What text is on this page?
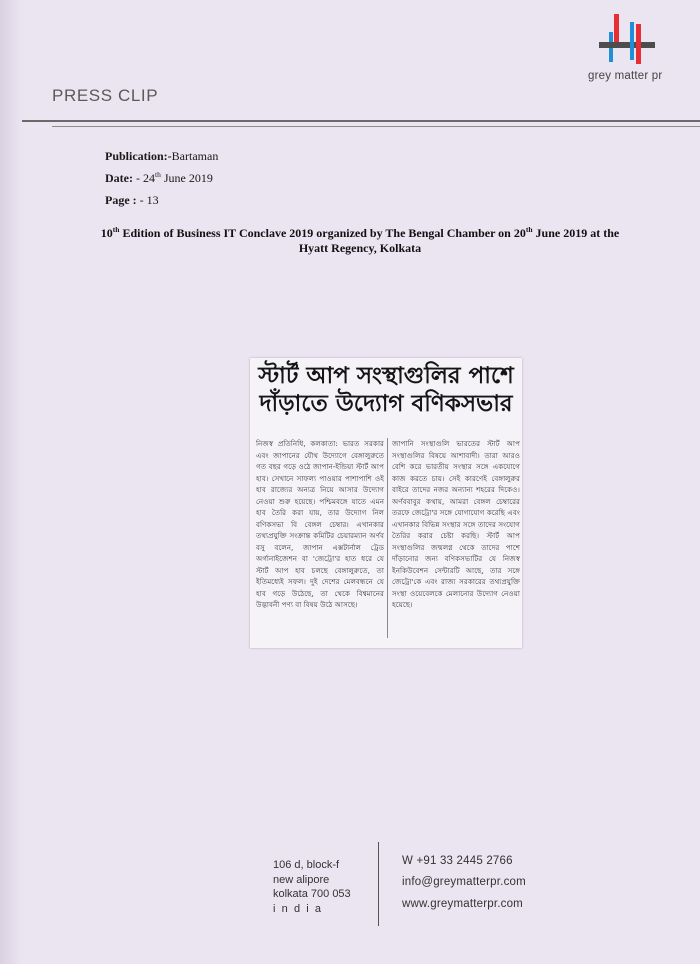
grey matter pr
PRESS CLIP
Publication:-Bartaman
Date: - 24th June 2019
Page : - 13
10th Edition of Business IT Conclave 2019 organized by The Bengal Chamber on 20th June 2019 at the Hyatt Regency, Kolkata
স্টার্ট আপ সংস্থাগুলির পাশে দাঁড়াতে উদ্যোগ বণিকসভার
নিজস্ব প্রতিনিধি, কলকাতা: ভারত সরকার এবং জাপানের যৌথ উদ্যোগে বেঙ্গালুরুতে গত বছর গড়ে ওঠে জাপান-ইন্ডিয়া স্টার্ট আপ হাব। সেখানে সাফল্য পাওয়ার পাশাপাশি ওই হাব রাজ্যের অন্যত্র নিয়ে আসার উদ্যোগ নেওয়া শুরু হয়েছে। পশ্চিমবঙ্গে যাতে এমন হাব তৈরি করা যায়, তার উদ্যোগ নিল বণিকসভা বি বেঙ্গল চেম্বার। এখানকার তথ্যপ্রযুক্তি সংক্রান্ত কমিটির চেয়ারম্যান অর্ণব বসু বলেন, জাপান এক্সটার্নাল ট্রেড অর্গানাইজেশন বা 'জেট্রো'র হাত ধরে যে স্টার্ট আপ হাব চলছে বেঙ্গালুরুতে, তা ইতিমধ্যেই সফল। দুই দেশের মেলবন্ধনে যে হাব গড়ে উঠেছে, তা থেকে বিশ্বমানের উদ্ভাবনী পণ্য বা বিষয় উঠে আসছে।
জাপানি সংস্থাগুলি ভারতের স্টার্ট আপ সংস্থাগুলির বিষয়ে আশাবাদী। তারা আরও বেশি করে ভারতীয় সংস্থার সঙ্গে একযোগে কাজ করতে চায়। সেই কারণেই বেঙ্গালুরুর বাইরে তাদের নজর অন্যান্য শহরের দিকেও। অর্ণববাবুর কথায়, আমরা বেঙ্গল চেম্বারের তরফে জেট্রো'র সঙ্গে যোগাযোগ করেছি এবং এখানকার বিভিন্ন সংস্থার সঙ্গে তাদের সংযোগ তৈরির করার চেষ্টা করছি। স্টার্ট আপ সংস্থাগুলির জন্মলগ্ন থেকে তাদের পাশে দাঁড়ানোর জন্য বণিকসভাটির যে নিজস্ব ইনকিউবেশন সেন্টারটি আছে, তার সঙ্গে জেট্রো'কে এবং রাজ্য সরকারের তথ্যপ্রযুক্তি সংস্থা ওয়েবেলকে মেলানোর উদ্যোগ নেওয়া হয়েছে।
106 d, block-f
new alipore
kolkata 700 053
india
W +91 33 2445 2766
info@greymatterpr.com
www.greymatterpr.com
